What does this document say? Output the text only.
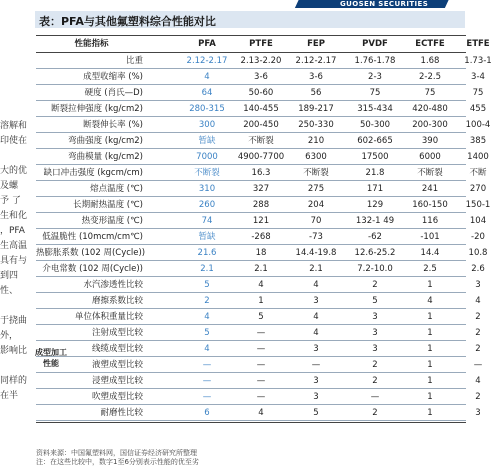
溶解和
印使在
大的优
及螺
予 了
生和化
，PFA
生高温
具有与
到四
性、
于挠曲
外，
影响比
同样的
在半
GUOSEN SECURITIES
表：PFA与其他氟塑料综合性能对比
性能指标	PFA	PTFE	FEP	PVDF	ECTFE	ETFE
比重	2.12-2.17	2.13-2.20	2.12-2.17	1.76-1.78	1.68	1.73-1
成型收缩率 (%)	4	3-6	3-6	2-3	2-2.5	3-4
硬度 (肖氏—D)	64	50-60	56	75	75	75
断裂拉伸强度 (kg/cm2)	280-315	140-455	189-217	315-434	420-480	455
断裂伸长率 (%)	300	200-450	250-330	50-300	200-300	100-4
弯曲强度 (kg/cm2)	暂缺	不断裂	210	602-665	390	385
弯曲模量 (kg/cm2)	7000	4900-7700	6300	17500	6000	1400
缺口冲击强度 (kgcm/cm)	不断裂	16.3	不断裂	21.8	不断裂	不断
熔点温度 (℃)	310	327	275	171	241	270
长期耐热温度 (℃)	260	288	204	129	160-150	150-1
热变形温度 (℃)	74	121	70	132-1 49	116	104
低温脆性 (10mcm/cm℃)	暂缺	-268	-73	-62	-101	-20
热膨胀系数 (102 周(Cycle))	21.6	18	14.4-19.8	12.6-25.2	14.4	10.8
介电常数 (102 周(Cycle))	2.1	2.1	2.1	7.2-10.0	2.5	2.6
水汽渗透性比较	5	4	4	2	1	3
磨擦系数比较	2	1	3	5	4	4
单位体积重量比较	4	5	4	3	1	2
注射成型比较	5	—	4	3	1	2
线缆成型比较	4	—	3	3	1	2
液塑成型比较	—	—	—	2	1	—
浸塑成型比较	—	—	3	2	1	4
吹塑成型比较	—	—	3	—	1	2
耐磨性比较	6	4	5	2	1	3
成型加工性能
资料来源：中国氟塑料网，国信证券经济研究所整理
注：在这些比较中，数字1至6分别表示性能的优至劣
